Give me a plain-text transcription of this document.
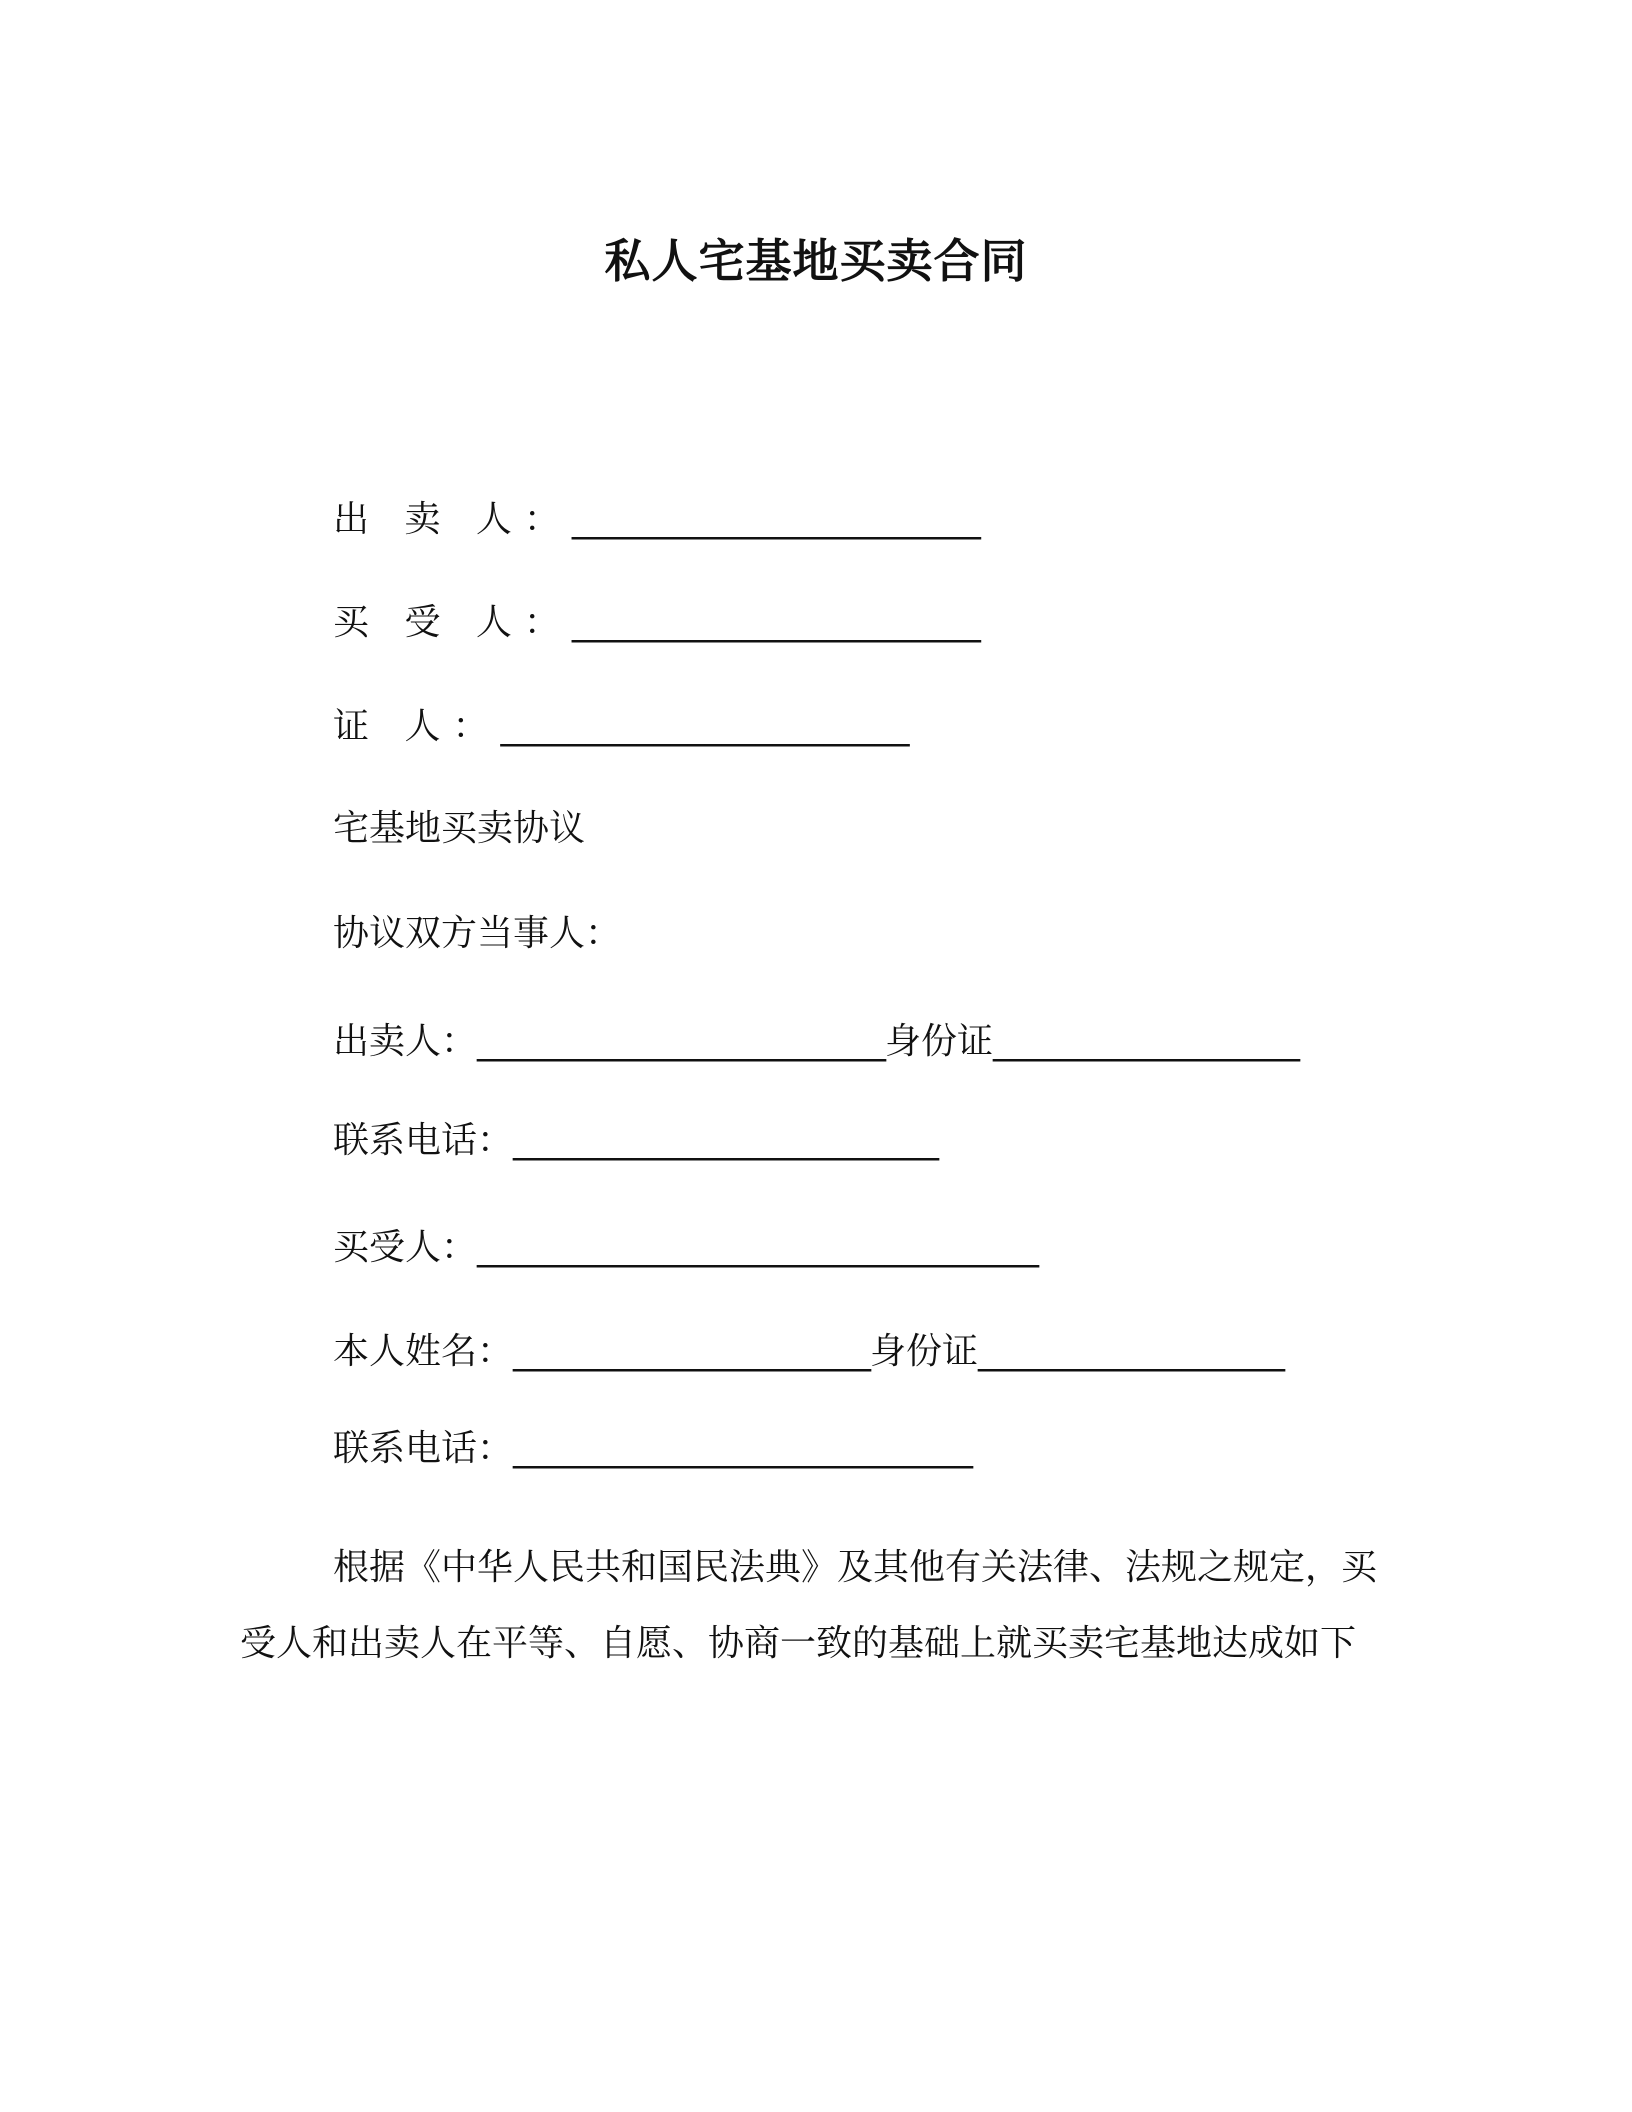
私人宅基地买卖合同
出 卖 人：________________________
买 受 人：________________________
证 人：________________________
宅基地买卖协议
协议双方当事人：
出卖人：________________________身份证__________________
联系电话：_________________________
买受人：_________________________________
本人姓名：_____________________身份证__________________
联系电话：___________________________
根据《中华人民共和国民法典》及其他有关法律、法规之规定，买受人和出卖人在平等、自愿、协商一致的基础上就买卖宅基地达成如下
